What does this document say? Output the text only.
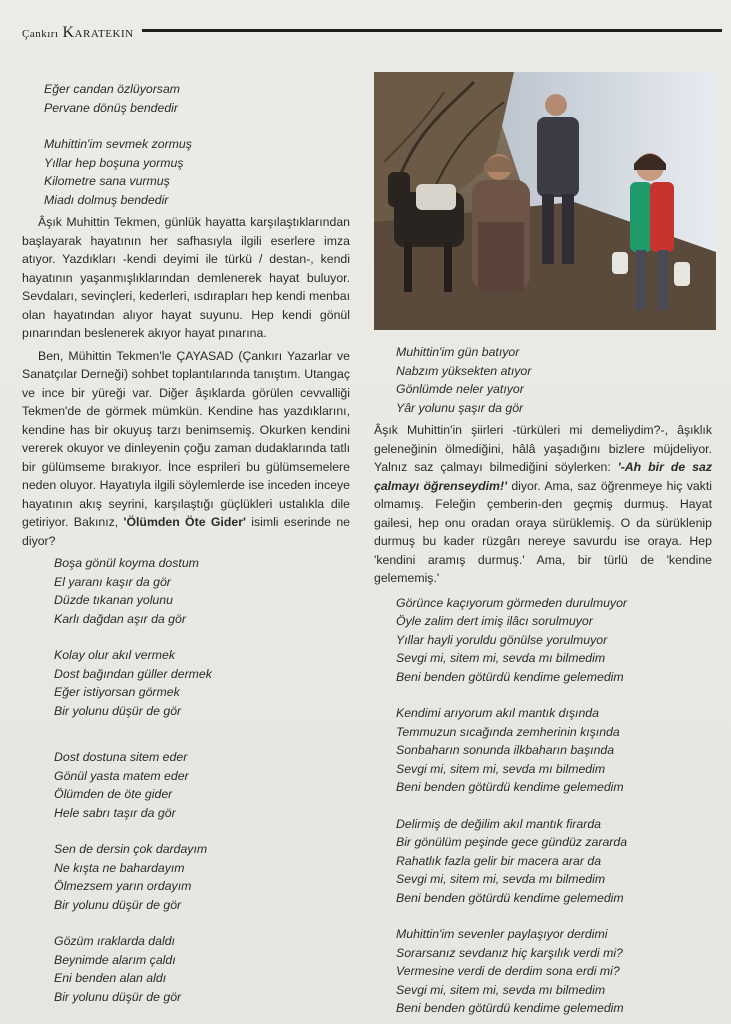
Çankırı Karatekin
Eğer candan özlüyorsam
Pervane dönüş bendedir
Muhittin'im sevmek zormuş
Yıllar hep boşuna yormuş
Kilometre sana vurmuş
Miadı dolmuş bendedir

Âşık Muhittin Tekmen, günlük hayatta karşılaştıklarından başlayarak hayatının her safhasıyla ilgili eserlere imza atıyor. Yazdıkları -kendi deyimi ile türkü / destan-, kendi hayatının yaşanmışlıklarından demlenerek hayat buluyor. Sevdaları, sevinçleri, kederleri, ısdırapları hep kendi menbaı olan hayatından alıyor hayat suyunu. Hep kendi gönül pınarından beslenerek akıyor hayat pınarına.

Ben, Mühittin Tekmen'le ÇAYASAD (Çankırı Yazarlar ve Sanatçılar Derneği) sohbet toplantılarında tanıştım. Utangaç ve ince bir yüreği var. Diğer âşıklarda görülen cevvalliği Tekmen'de de görmek mümkün. Kendine has yazdıklarını, kendine has bir okuyuş tarzı benimsemiş. Okurken kendini vererek okuyor ve dinleyenin çoğu zaman dudaklarında tatlı bir gülümseme bırakıyor. İnce esprileri bu gülümsemelere neden oluyor. Hayatıyla ilgili söylemlerde ise inceden inceye hayatının akış seyrini, karşılaştığı güçlükleri ustalıkla dile getiriyor. Bakınız, 'Ölümden Öte Gider' isimli eserinde ne diyor?

Boşa gönül koyma dostum
El yaranı kaşır da gör
Düzde tıkanan yolunu
Karlı dağdan aşır da gör
Kolay olur akıl vermek
Dost bağından güller dermek
Eğer istiyorsan görmek
Bir yolunu düşür de gör
Dost dostuna sitem eder
Gönül yasta matem eder
Ölümden de öte gider
Hele sabrı taşır da gör
Sen de dersin çok dardayım
Ne kışta ne bahardayım
Ölmezsem yarın ordayım
Bir yolunu düşür de gör
Gözüm ıraklarda daldı
Beynimde alarım çaldı
Eni benden alan aldı
Bir yolunu düşür de gör
Muhittin'im gün batıyor
Nabzım yüksekten atıyor
Gönlümde neler yatıyor
Yâr yolunu şaşır da gör

Âşık Muhittin'in şiirleri -türküleri mi demeliydim?-, âşıklık geleneğinin ölmediğini, hâlâ yaşadığını bizlere müjdeliyor. Yalnız saz çalmayı bilmediğini söylerken: '-Ah bir de saz çalmayı öğrenseydim!' diyor. Ama, saz öğrenmeye hiç vakti olmamış. Feleğin çemberin-den geçmiş durmuş. Hayat gailesi, hep onu oradan oraya sürüklemiş. O da sürüklenip durmuş bu kader rüzgârı nereye savurdu ise oraya. Hep 'kendini aramış durmuş.' Ama, bir türlü de 'kendine gelememiş.'

Görünce kaçıyorum görmeden durulmuyor
Öyle zalim dert imiş ilâcı sorulmuyor
Yıllar hayli yoruldu gönülse yorulmuyor
Sevgi mi, sitem mi, sevda mı bilmedim
Beni benden götürdü kendime gelemedim
Kendimi arıyorum akıl mantık dışında
Temmuzun sıcağında zemherinin kışında
Sonbaharın sonunda ilkbaharın başında
Sevgi mi, sitem mi, sevda mı bilmedim
Beni benden götürdü kendime gelemedim
Delirmiş de değilim akıl mantık firarda
Bir gönülüm peşinde gece gündüz zararda
Rahatlık fazla gelir bir macera arar da
Sevgi mi, sitem mi, sevda mı bilmedim
Beni benden götürdü kendime gelemedim
Muhittin'im sevenler paylaşıyor derdimi
Sorarsanız sevdanız hiç karşılık verdi mi?
Vermesine verdi de derdim sona erdi mi?
Sevgi mi, sitem mi, sevda mı bilmedim
Beni benden götürdü kendime gelemedim
